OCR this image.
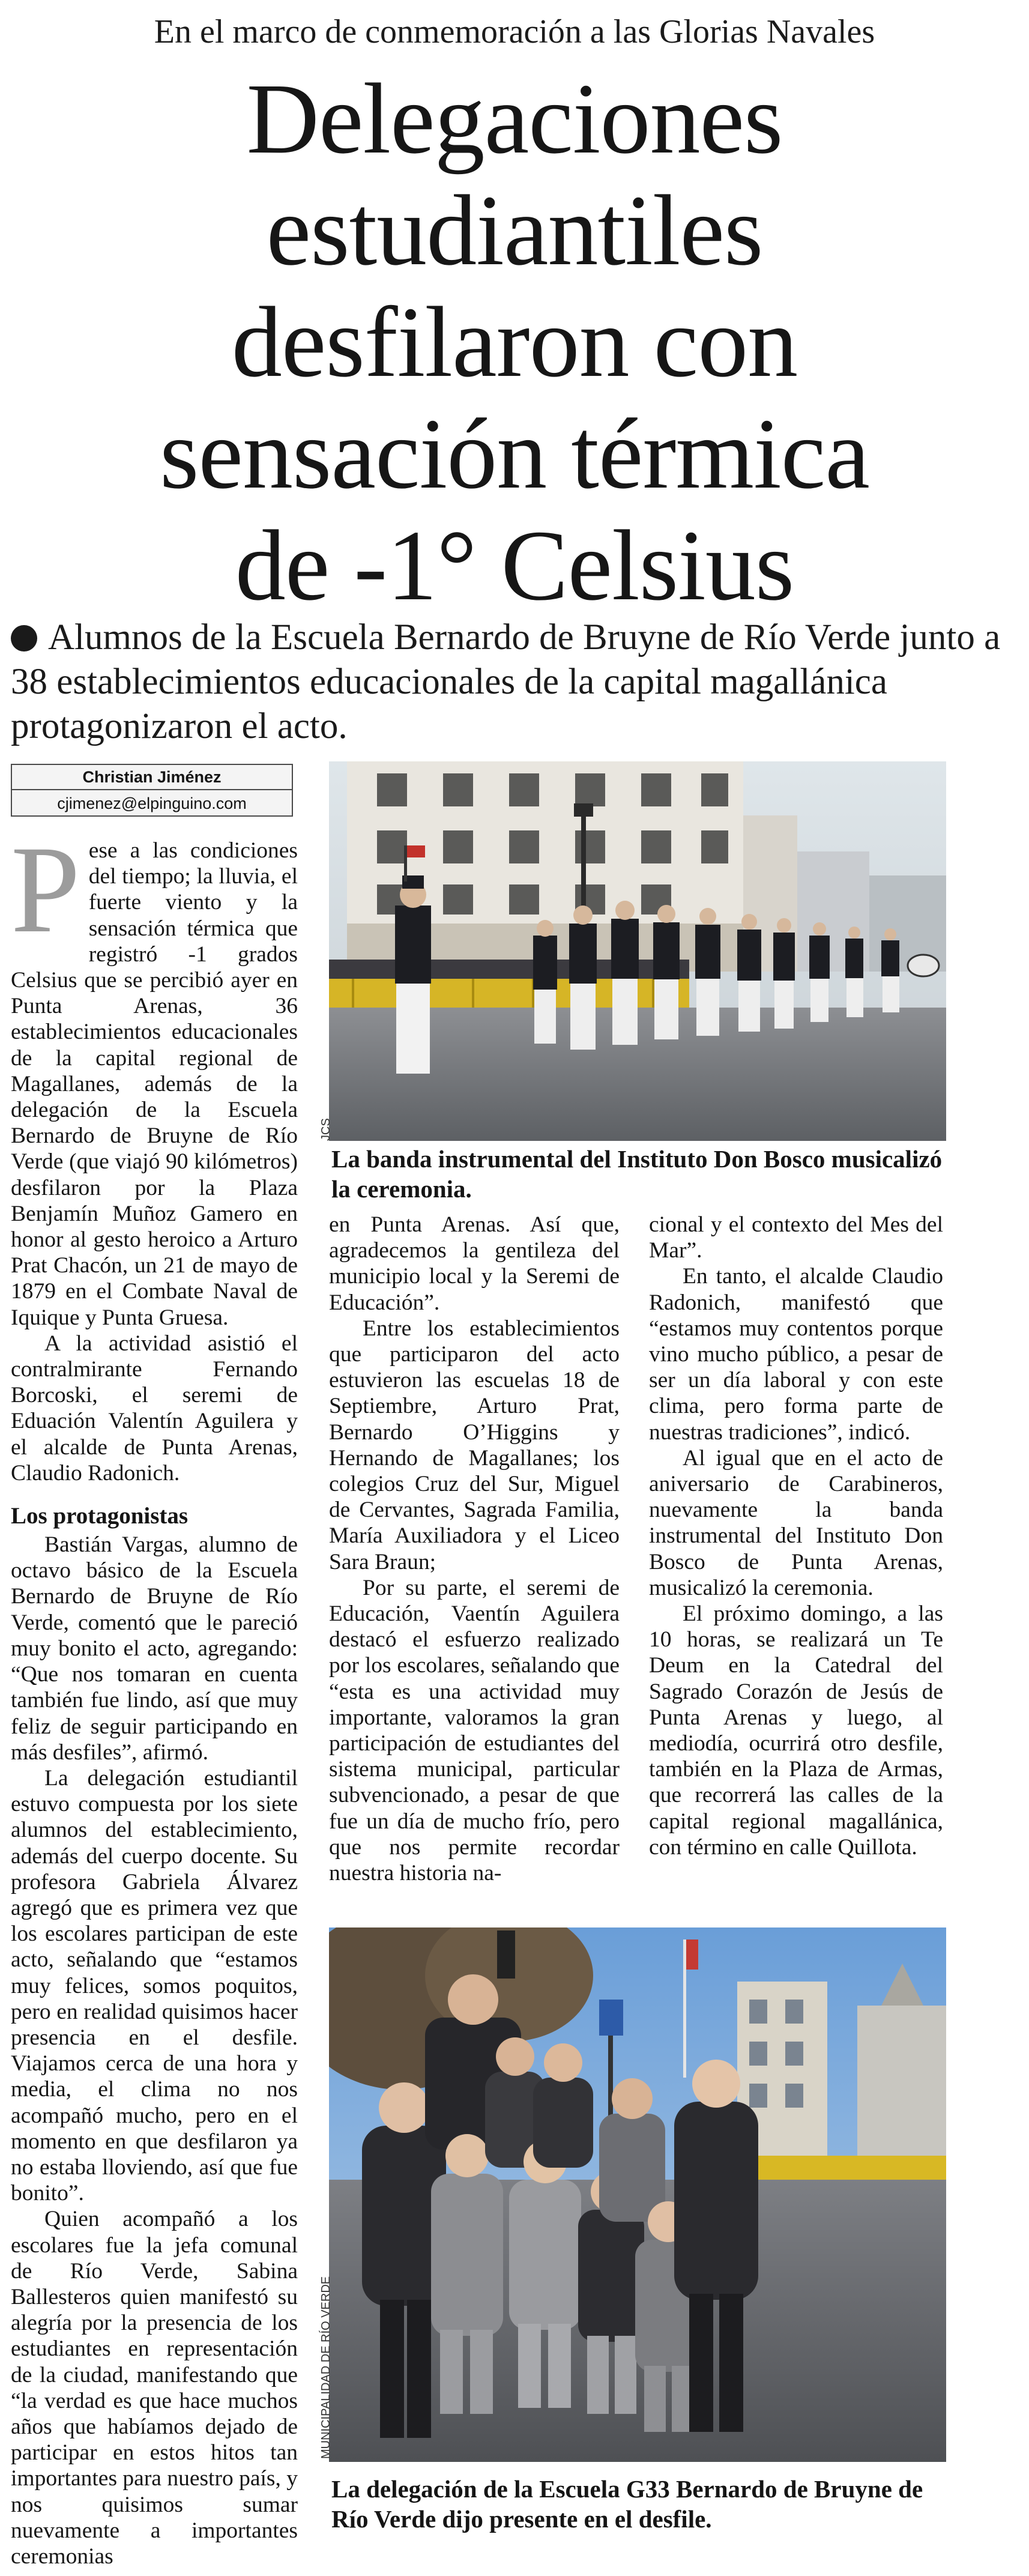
En el marco de conmemoración a las Glorias Navales
Delegaciones
estudiantiles
desfilaron con
sensación térmica
de -1° Celsius
Alumnos de la Escuela Bernardo de Bruyne de Río Verde junto a 38 establecimientos educacionales de la capital magallánica protagonizaron el acto.
Christian Jiménez
cjimenez@elpinguino.com
P ese a las condiciones del tiempo; la lluvia, el fuerte viento y la sensación térmica que registró -1 grados Celsius que se percibió ayer en Punta Arenas, 36 establecimientos educacionales de la capital regional de Magallanes, además de la delegación de la Escuela Bernardo de Bruyne de Río Verde (que viajó 90 kilómetros) desfilaron por la Plaza Benjamín Muñoz Gamero en honor al gesto heroico a Arturo Prat Chacón, un 21 de mayo de 1879 en el Combate Naval de Iquique y Punta Gruesa.

A la actividad asistió el contralmirante Fernando Borcoski, el seremi de Eduación Valentín Aguilera y el alcalde de Punta Arenas, Claudio Radonich.

Los protagonistas

Bastián Vargas, alumno de octavo básico de la Escuela Bernardo de Bruyne de Río Verde, comentó que le pareció muy bonito el acto, agregando: “Que nos tomaran en cuenta también fue lindo, así que muy feliz de seguir participando en más desfiles”, afirmó.

La delegación estudiantil estuvo compuesta por los siete alumnos del establecimiento, además del cuerpo docente. Su profesora Gabriela Álvarez agregó que es primera vez que los escolares participan de este acto, señalando que “estamos muy felices, somos poquitos, pero en realidad quisimos hacer presencia en el desfile. Viajamos cerca de una hora y media, el clima no nos acompañó mucho, pero en el momento en que desfilaron ya no estaba lloviendo, así que fue bonito”.

Quien acompañó a los escolares fue la jefa comunal de Río Verde, Sabina Ballesteros quien manifestó su alegría por la presencia de los estudiantes en representación de la ciudad, manifestando que “la verdad es que hace muchos años que habíamos dejado de participar en estos hitos tan importantes para nuestro país, y nos quisimos sumar nuevamente a importantes ceremonias

JCS
La banda instrumental del Instituto Don Bosco musicalizó la ceremonia.

en Punta Arenas. Así que, agradecemos la gentileza del municipio local y la Seremi de Educación”.

Entre los establecimientos que participaron del acto estuvieron las escuelas 18 de Septiembre, Arturo Prat, Bernardo O’Higgins y Hernando de Magallanes; los colegios Cruz del Sur, Miguel de Cervantes, Sagrada Familia, María Auxiliadora y el Liceo Sara Braun;

Por su parte, el seremi de Educación, Vaentín Aguilera destacó el esfuerzo realizado por los escolares, señalando que “esta es una actividad muy importante, valoramos la gran participación de estudiantes del sistema municipal, particular subvencionado, a pesar de que fue un día de mucho frío, pero que nos permite recordar nuestra historia na-

cional y el contexto del Mes del Mar”.

En tanto, el alcalde Claudio Radonich, manifestó que “estamos muy contentos porque vino mucho público, a pesar de ser un día laboral y con este clima, pero forma parte de nuestras tradiciones”, indicó.

Al igual que en el acto de aniversario de Carabineros, nuevamente la banda instrumental del Instituto Don Bosco de Punta Arenas, musicalizó la ceremonia.

El próximo domingo, a las 10 horas, se realizará un Te Deum en la Catedral del Sagrado Corazón de Jesús de Punta Arenas y luego, al mediodía, ocurrirá otro desfile, también en la Plaza de Armas, que recorrerá las calles de la capital regional magallánica, con término en calle Quillota.

MUNICIPALIDAD DE RÍO VERDE
La delegación de la Escuela G33 Bernardo de Bruyne de Río Verde dijo presente en el desfile.
